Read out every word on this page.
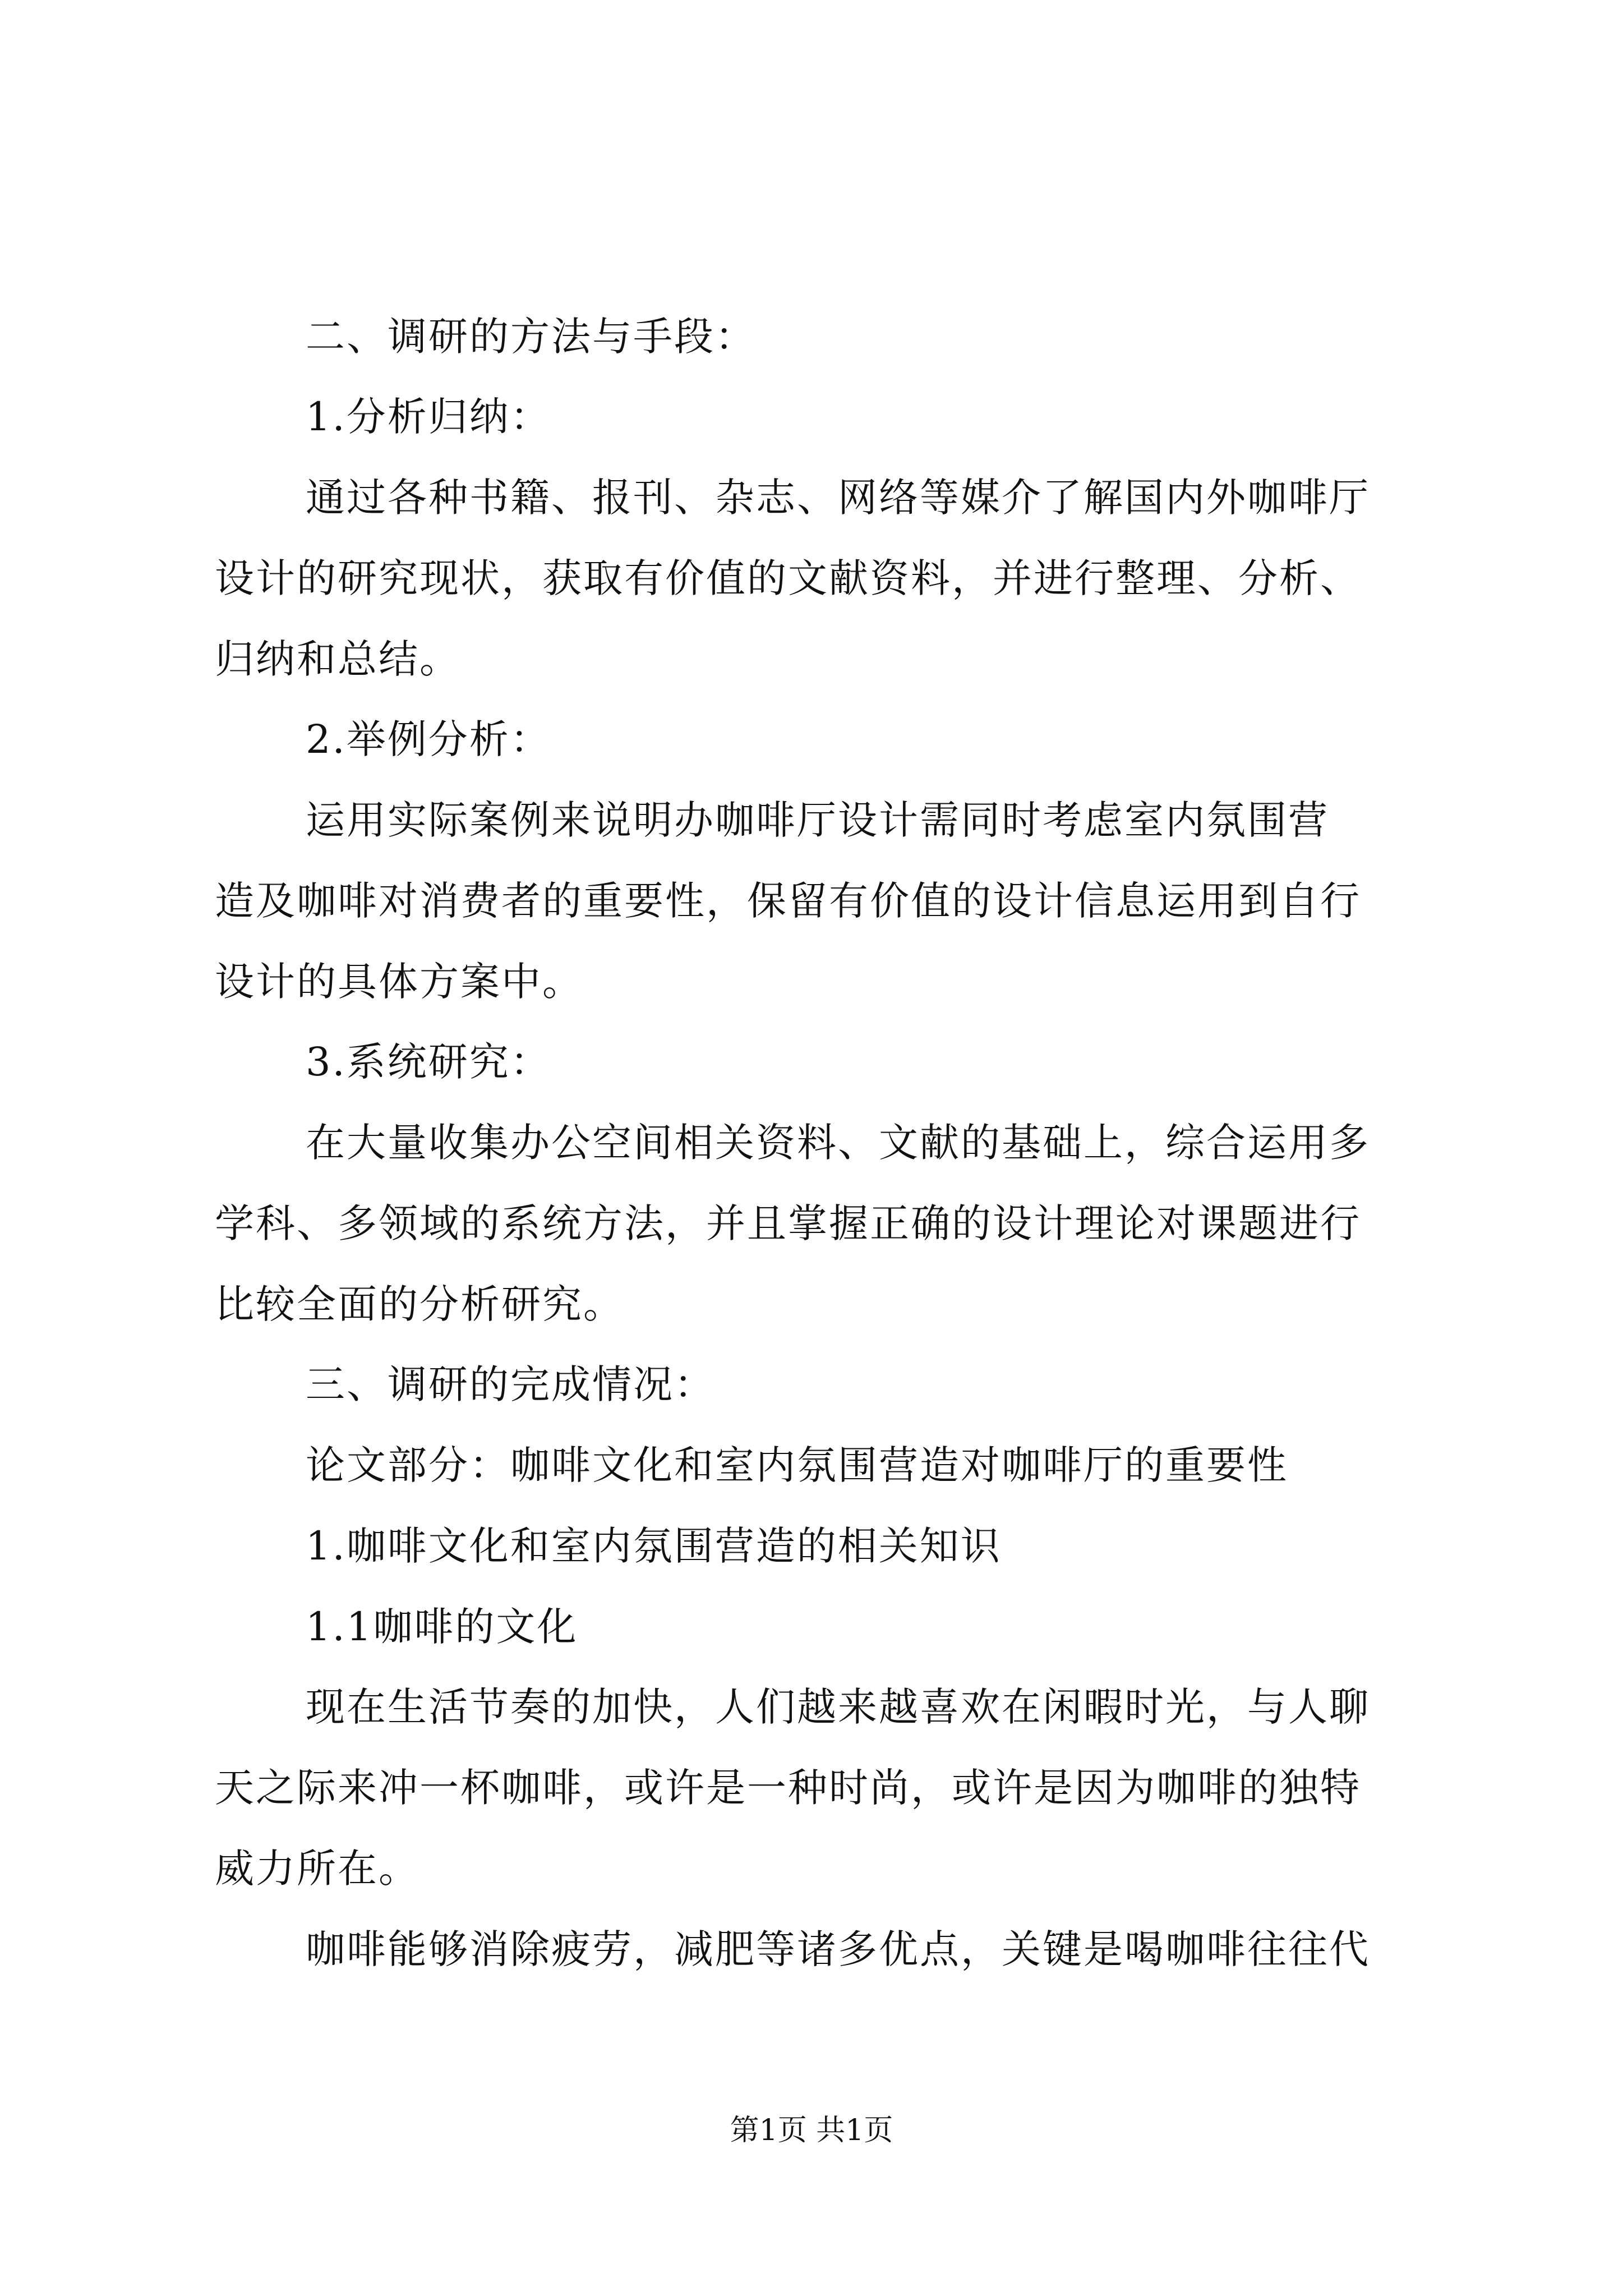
二、调研的方法与手段：
1.分析归纳：
通过各种书籍、报刊、杂志、网络等媒介了解国内外咖啡厅
设计的研究现状，获取有价值的文献资料，并进行整理、分析、
归纳和总结。
2.举例分析：
运用实际案例来说明办咖啡厅设计需同时考虑室内氛围营
造及咖啡对消费者的重要性，保留有价值的设计信息运用到自行
设计的具体方案中。
3.系统研究：
在大量收集办公空间相关资料、文献的基础上，综合运用多
学科、多领域的系统方法，并且掌握正确的设计理论对课题进行
比较全面的分析研究。
三、调研的完成情况：
论文部分：咖啡文化和室内氛围营造对咖啡厅的重要性
1.咖啡文化和室内氛围营造的相关知识
1.1咖啡的文化
现在生活节奏的加快，人们越来越喜欢在闲暇时光，与人聊
天之际来冲一杯咖啡，或许是一种时尚，或许是因为咖啡的独特
威力所在。
咖啡能够消除疲劳，减肥等诸多优点，关键是喝咖啡往往代
第1页 共1页
